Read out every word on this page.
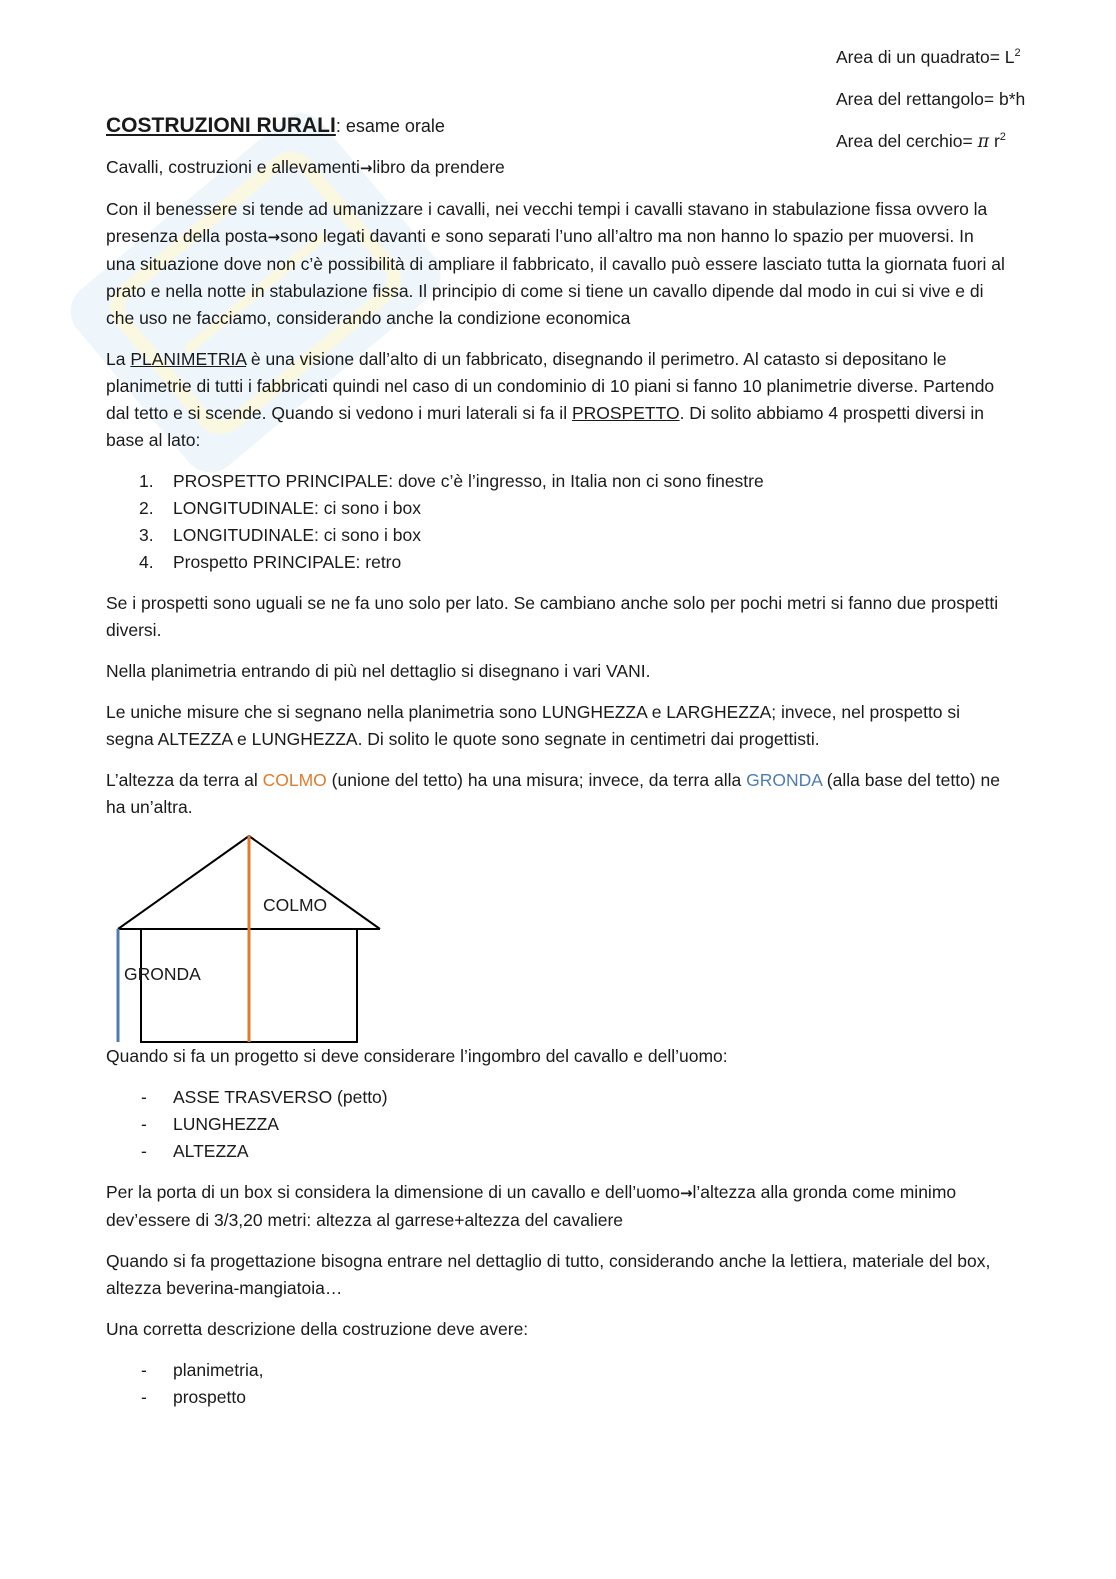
Area di un quadrato= $L^2$

Area del rettangolo= b*h

Area del cerchio= π $r^2$

COSTRUZIONI RURALI: esame orale

Cavalli, costruzioni e allevamenti→libro da prendere

Con il benessere si tende ad umanizzare i cavalli, nei vecchi tempi i cavalli stavano in stabulazione fissa ovvero la presenza della posta→sono legati davanti e sono separati l’uno all’altro ma non hanno lo spazio per muoversi. In una situazione dove non c’è possibilità di ampliare il fabbricato, il cavallo può essere lasciato tutta la giornata fuori al prato e nella notte in stabulazione fissa. Il principio di come si tiene un cavallo dipende dal modo in cui si vive e di che uso ne facciamo, considerando anche la condizione economica

La PLANIMETRIA è una visione dall’alto di un fabbricato, disegnando il perimetro. Al catasto si depositano le planimetrie di tutti i fabbricati quindi nel caso di un condominio di 10 piani si fanno 10 planimetrie diverse. Partendo dal tetto e si scende. Quando si vedono i muri laterali si fa il PROSPETTO. Di solito abbiamo 4 prospetti diversi in base al lato:

1. PROSPETTO PRINCIPALE: dove c’è l’ingresso, in Italia non ci sono finestre
2. LONGITUDINALE: ci sono i box
3. LONGITUDINALE: ci sono i box
4. Prospetto PRINCIPALE: retro

Se i prospetti sono uguali se ne fa uno solo per lato. Se cambiano anche solo per pochi metri si fanno due prospetti diversi.

Nella planimetria entrando di più nel dettaglio si disegnano i vari VANI.

Le uniche misure che si segnano nella planimetria sono LUNGHEZZA e LARGHEZZA; invece, nel prospetto si segna ALTEZZA e LUNGHEZZA. Di solito le quote sono segnate in centimetri dai progettisti.

L’altezza da terra al COLMO (unione del tetto) ha una misura; invece, da terra alla GRONDA (alla base del tetto) ne ha un’altra.

COLMO
GRONDA

Quando si fa un progetto si deve considerare l’ingombro del cavallo e dell’uomo:

- ASSE TRASVERSO (petto)
- LUNGHEZZA
- ALTEZZA

Per la porta di un box si considera la dimensione di un cavallo e dell’uomo→l’altezza alla gronda come minimo dev’essere di 3/3,20 metri: altezza al garrese+altezza del cavaliere

Quando si fa progettazione bisogna entrare nel dettaglio di tutto, considerando anche la lettiera, materiale del box, altezza beverina-mangiatoia…

Una corretta descrizione della costruzione deve avere:

- planimetria,
- prospetto
